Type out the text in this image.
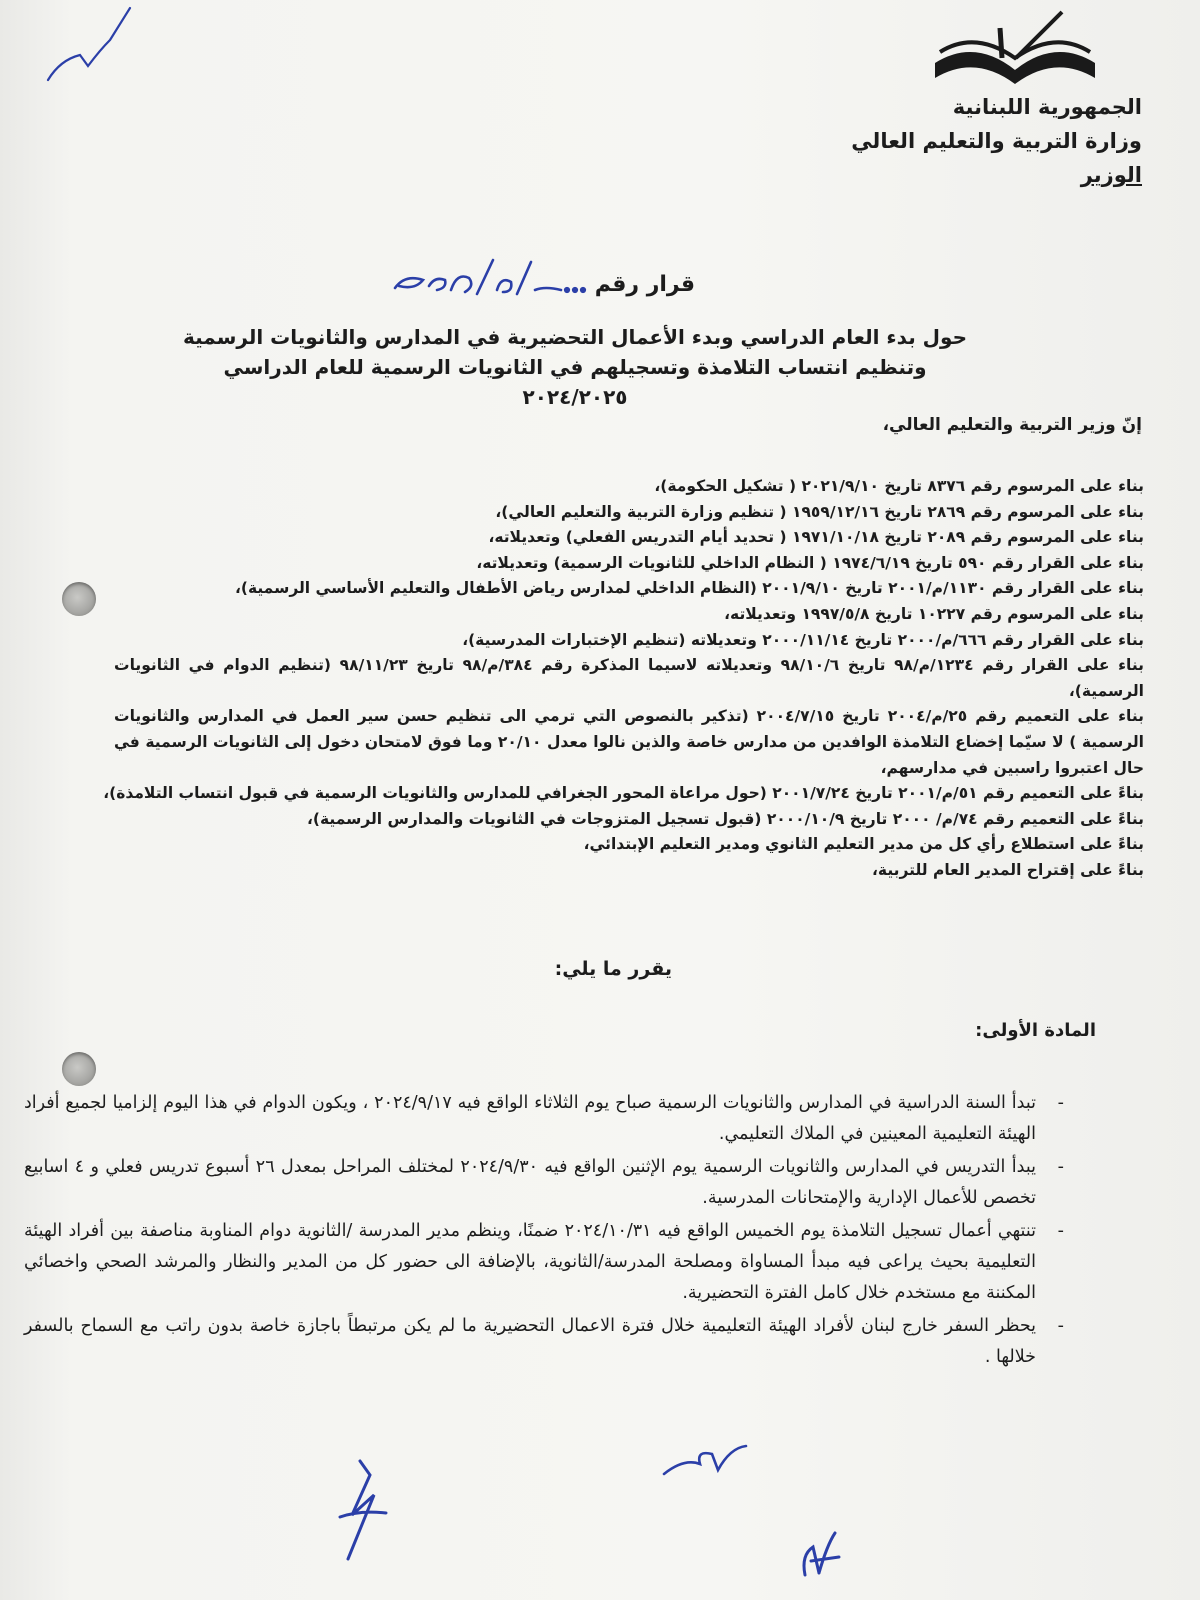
الجمهورية اللبنانية
وزارة التربية والتعليم العالي
الوزير
قرار رقم
حول بدء العام الدراسي وبدء الأعمال التحضيرية في المدارس والثانويات الرسمية
وتنظيم انتساب التلامذة وتسجيلهم في الثانويات الرسمية للعام الدراسي ٢٠٢٤/٢٠٢٥
إنّ وزير التربية والتعليم العالي،
بناء على المرسوم رقم ٨٣٧٦ تاريخ ٢٠٢١/٩/١٠ ( تشكيل الحكومة)،
بناء على المرسوم رقم ٢٨٦٩ تاريخ ١٩٥٩/١٢/١٦ ( تنظيم وزارة التربية والتعليم العالي)،
بناء على المرسوم رقم ٢٠٨٩ تاريخ ١٩٧١/١٠/١٨ ( تحديد أيام التدريس الفعلي) وتعديلاته،
بناء على القرار رقم ٥٩٠ تاريخ ١٩٧٤/٦/١٩ ( النظام الداخلي للثانويات الرسمية) وتعديلاته،
بناء على القرار رقم ١١٣٠/م/٢٠٠١ تاريخ ٢٠٠١/٩/١٠ (النظام الداخلي لمدارس رياض الأطفال والتعليم الأساسي الرسمية)،
بناء على المرسوم رقم ١٠٢٢٧ تاريخ ١٩٩٧/٥/٨ وتعديلاته،
بناء على القرار رقم ٦٦٦/م/٢٠٠٠ تاريخ ٢٠٠٠/١١/١٤ وتعديلاته (تنظيم الإختبارات المدرسية)،
بناء على القرار رقم ١٢٣٤/م/٩٨ تاريخ ٩٨/١٠/٦ وتعديلاته لاسيما المذكرة رقم ٣٨٤/م/٩٨ تاريخ ٩٨/١١/٢٣ (تنظيم الدوام في الثانويات الرسمية)،
بناء على التعميم رقم ٢٥/م/٢٠٠٤ تاريخ ٢٠٠٤/٧/١٥ (تذكير بالنصوص التي ترمي الى تنظيم حسن سير العمل في المدارس والثانويات الرسمية ) لا سيّما إخضاع التلامذة الوافدين من مدارس خاصة والذين نالوا معدل ٢٠/١٠ وما فوق لامتحان دخول إلى الثانويات الرسمية في حال اعتبروا راسبين في مدارسهم،
بناءً على التعميم رقم ٥١/م/٢٠٠١ تاريخ ٢٠٠١/٧/٢٤ (حول مراعاة المحور الجغرافي للمدارس والثانويات الرسمية في قبول انتساب التلامذة)،
بناءً على التعميم رقم ٧٤/م/ ٢٠٠٠ تاريخ ٢٠٠٠/١٠/٩ (قبول تسجيل المتزوجات في الثانويات والمدارس الرسمية)،
بناءً على استطلاع رأي كل من مدير التعليم الثانوي ومدير التعليم الإبتدائي،
بناءً على إقتراح المدير العام للتربية،
يقرر ما يلي:
المادة الأولى:
-
تبدأ السنة الدراسية في المدارس والثانويات الرسمية صباح يوم الثلاثاء الواقع فيه ٢٠٢٤/٩/١٧ ، ويكون الدوام في هذا اليوم إلزاميا لجميع أفراد الهيئة التعليمية المعينين في الملاك التعليمي.
-
يبدأ التدريس في المدارس والثانويات الرسمية يوم الإثنين الواقع فيه ٢٠٢٤/٩/٣٠ لمختلف المراحل بمعدل ٢٦ أسبوع تدريس فعلي و ٤ اسابيع تخصص للأعمال الإدارية والإمتحانات المدرسية.
-
تنتهي أعمال تسجيل التلامذة يوم الخميس الواقع فيه ٢٠٢٤/١٠/٣١ ضمنًا، وينظم مدير المدرسة /الثانوية دوام المناوبة مناصفة بين أفراد الهيئة التعليمية بحيث يراعى فيه مبدأ المساواة ومصلحة المدرسة/الثانوية، بالإضافة الى حضور كل من المدير والنظار والمرشد الصحي واخصائي المكننة مع مستخدم خلال كامل الفترة التحضيرية.
-
يحظر السفر خارج لبنان لأفراد الهيئة التعليمية خلال فترة الاعمال التحضيرية ما لم يكن مرتبطاً باجازة خاصة بدون راتب مع السماح بالسفر خلالها .
